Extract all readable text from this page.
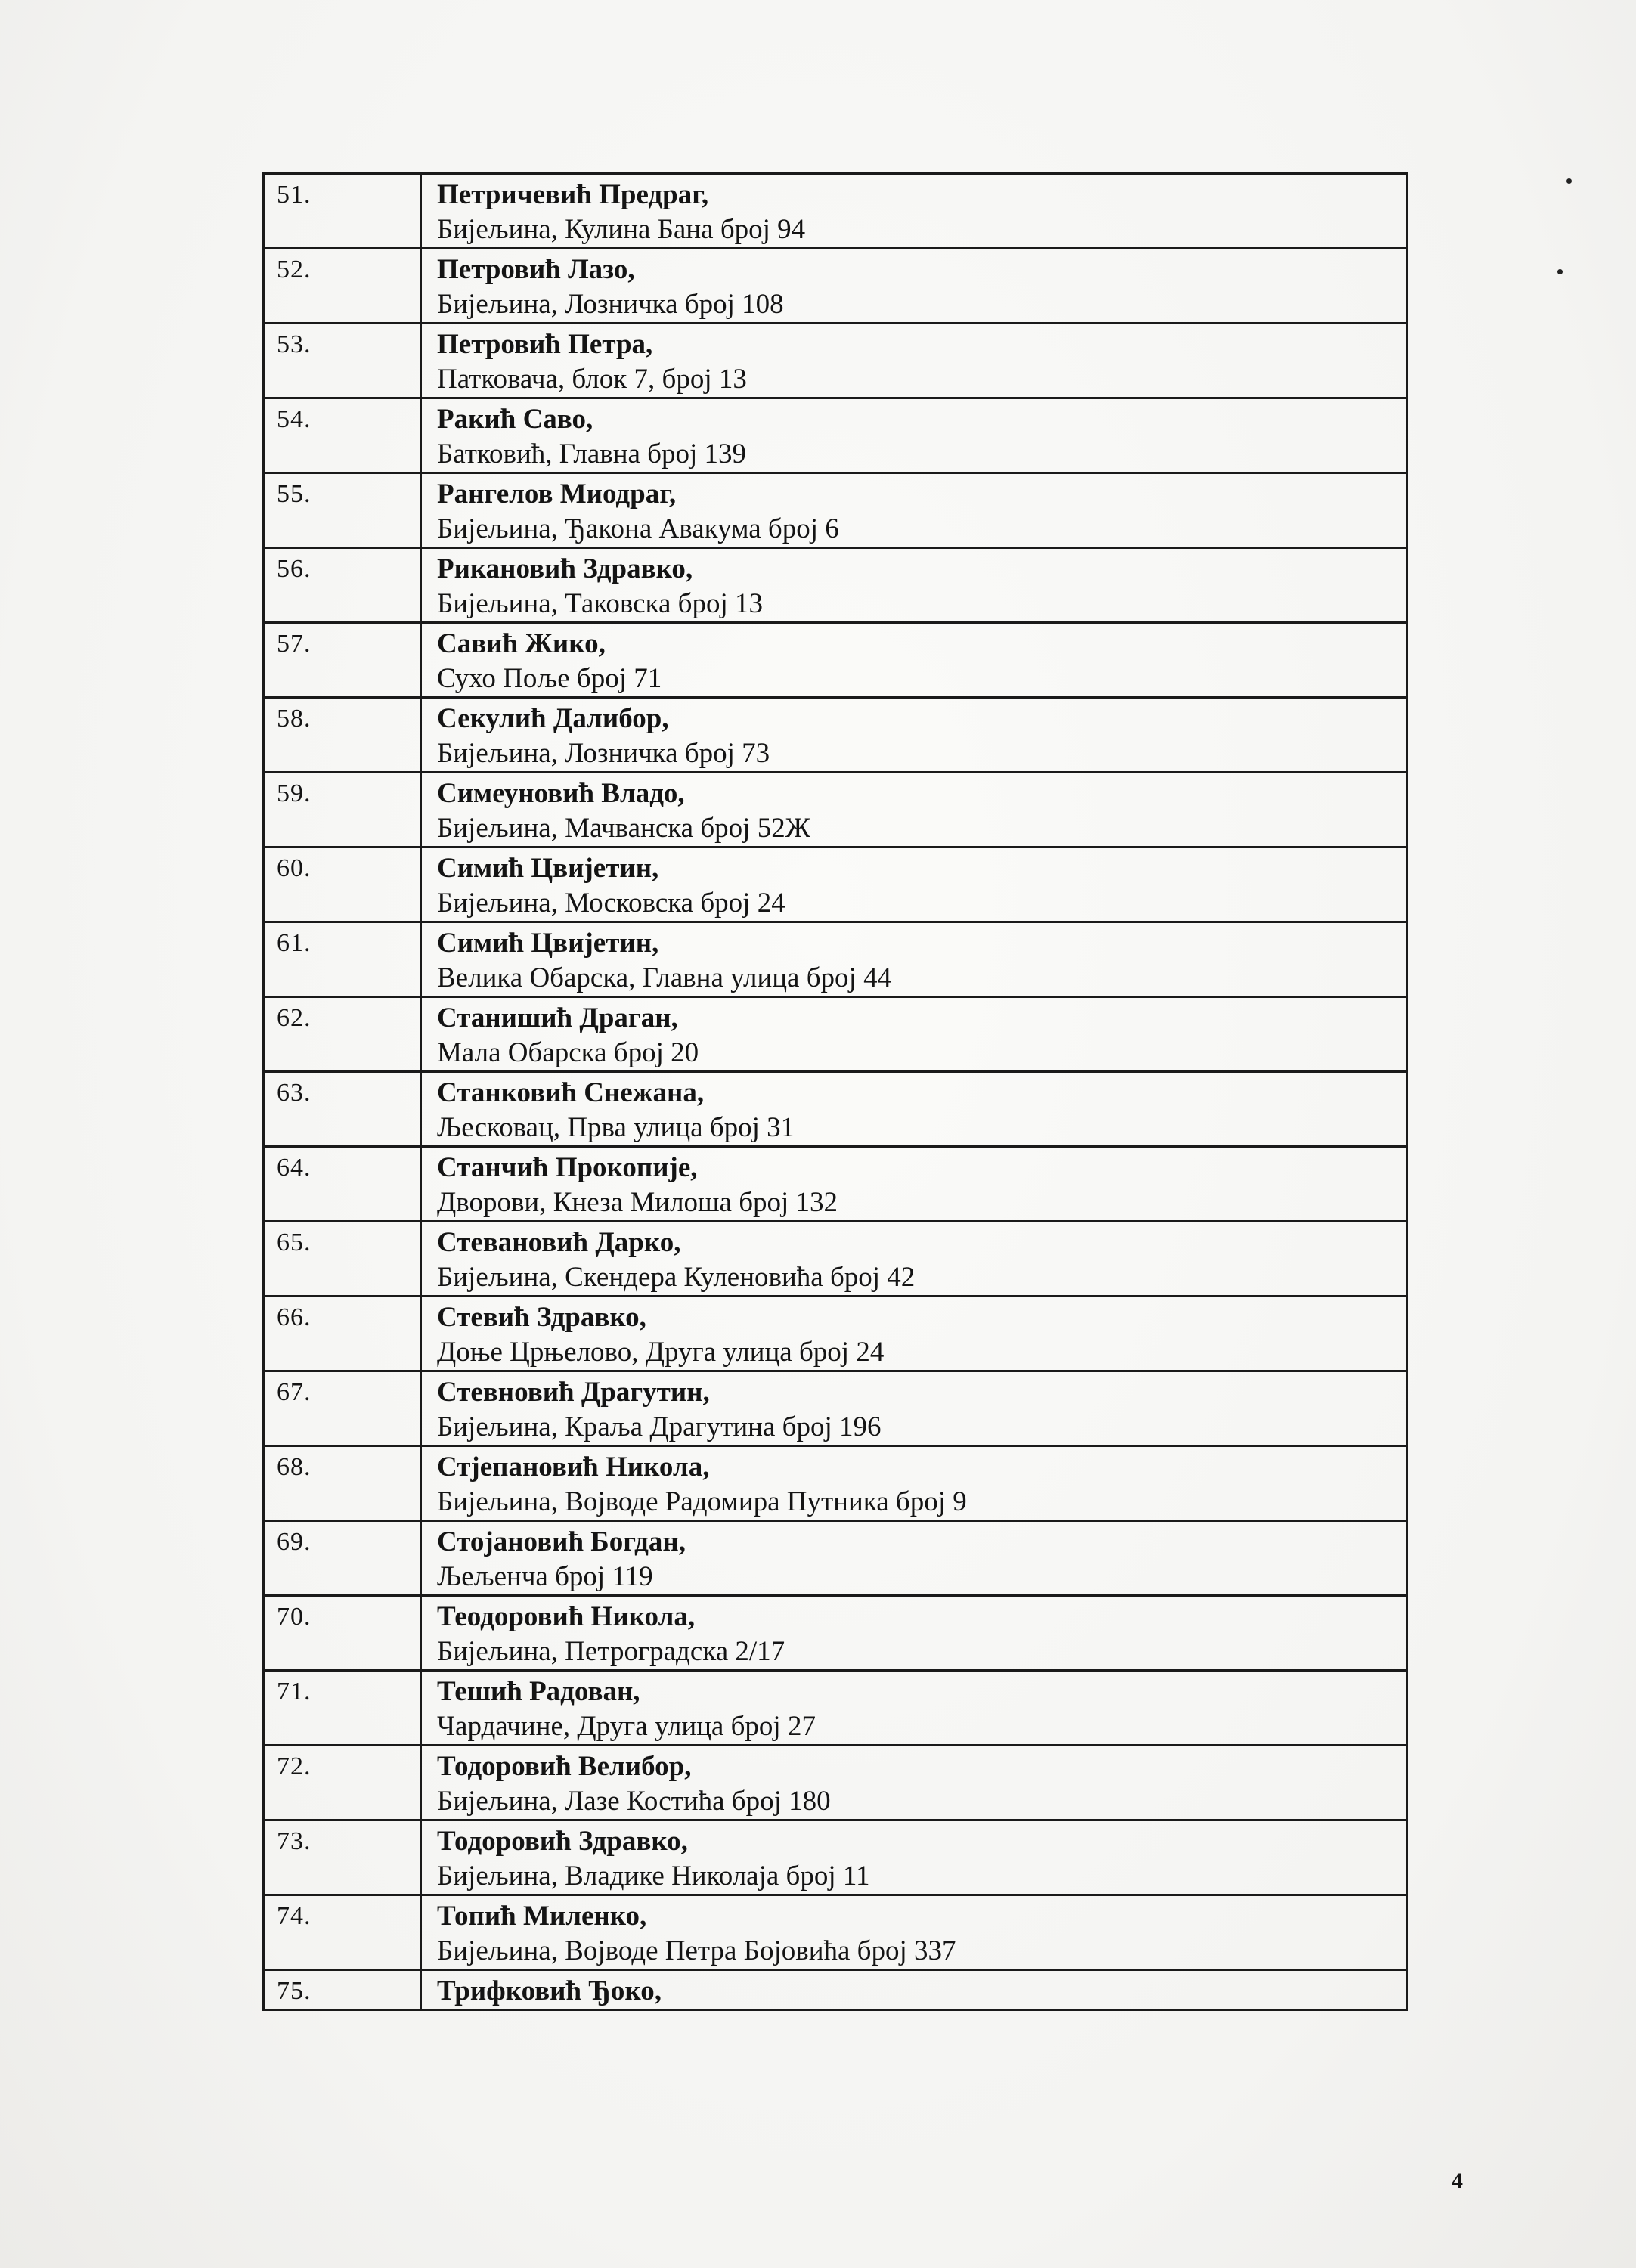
51.	Петричевић Предраг,
Бијељина, Кулина Бана број 94

52.	Петровић Лазо,
Бијељина, Лозничка број 108

53.	Петровић Петра,
Патковача, блок 7, број 13

54.	Ракић Саво,
Батковић, Главна број 139

55.	Рангелов Миодраг,
Бијељина, Ђакона Авакума број 6

56.	Рикановић Здравко,
Бијељина, Таковска број 13

57.	Савић Жико,
Сухо Поље број 71

58.	Секулић Далибор,
Бијељина, Лозничка број 73

59.	Симеуновић Владо,
Бијељина, Мачванска број 52Ж

60.	Симић Цвијетин,
Бијељина, Московска број 24

61.	Симић Цвијетин,
Велика Обарска, Главна улица број 44

62.	Станишић Драган,
Мала Обарска број 20

63.	Станковић Снежана,
Љесковац, Прва улица број 31

64.	Станчић Прокопије,
Дворови, Кнеза Милоша број 132

65.	Стевановић Дарко,
Бијељина, Скендера Куленовића број 42

66.	Стевић Здравко,
Доње Црњелово, Друга улица број 24

67.	Стевновић Драгутин,
Бијељина, Краља Драгутина број 196

68.	Стјепановић Никола,
Бијељина, Војводе Радомира Путника број 9

69.	Стојановић Богдан,
Љељенча број 119

70.	Теодоровић Никола,
Бијељина, Петроградска 2/17

71.	Тешић Радован,
Чардачине, Друга улица број 27

72.	Тодоровић Велибор,
Бијељина, Лазе Костића број 180

73.	Тодоровић Здравко,
Бијељина, Владике Николаја број 11

74.	Топић Миленко,
Бијељина, Војводе Петра Бојовића број 337

75.	Трифковић Ђоко,
4
